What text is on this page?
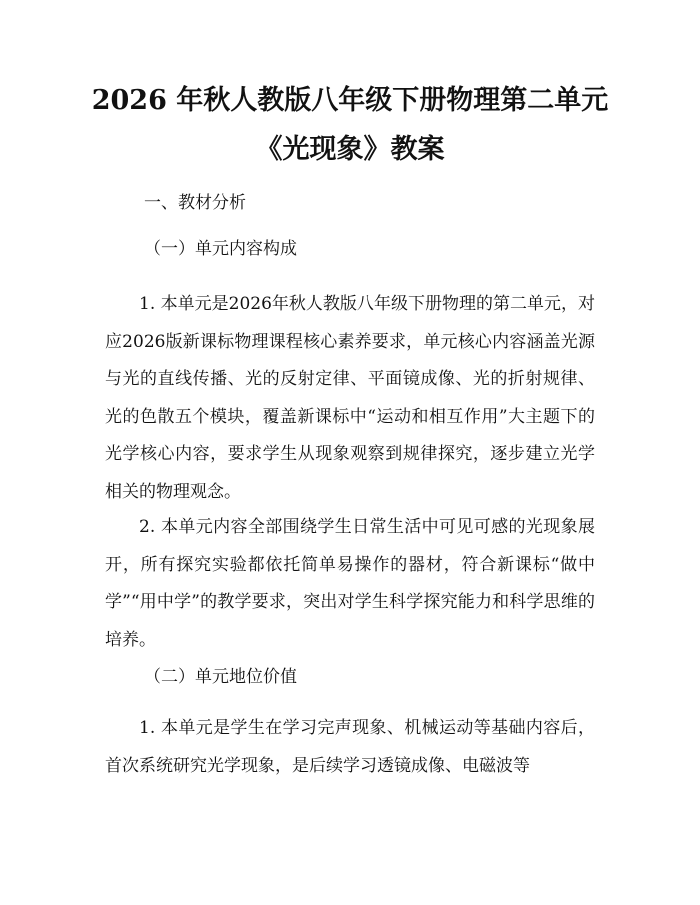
2026 年秋人教版八年级下册物理第二单元
《光现象》教案
一、教材分析
（一）单元内容构成

1. 本单元是2026年秋人教版八年级下册物理的第二单元，对应2026版新课标物理课程核心素养要求，单元核心内容涵盖光源与光的直线传播、光的反射定律、平面镜成像、光的折射规律、光的色散五个模块，覆盖新课标中“运动和相互作用”大主题下的光学核心内容，要求学生从现象观察到规律探究，逐步建立光学相关的物理观念。

2. 本单元内容全部围绕学生日常生活中可见可感的光现象展开，所有探究实验都依托简单易操作的器材，符合新课标“做中学”“用中学”的教学要求，突出对学生科学探究能力和科学思维的培养。

（二）单元地位价值

1. 本单元是学生在学习完声现象、机械运动等基础内容后，首次系统研究光学现象，是后续学习透镜成像、电磁波等
